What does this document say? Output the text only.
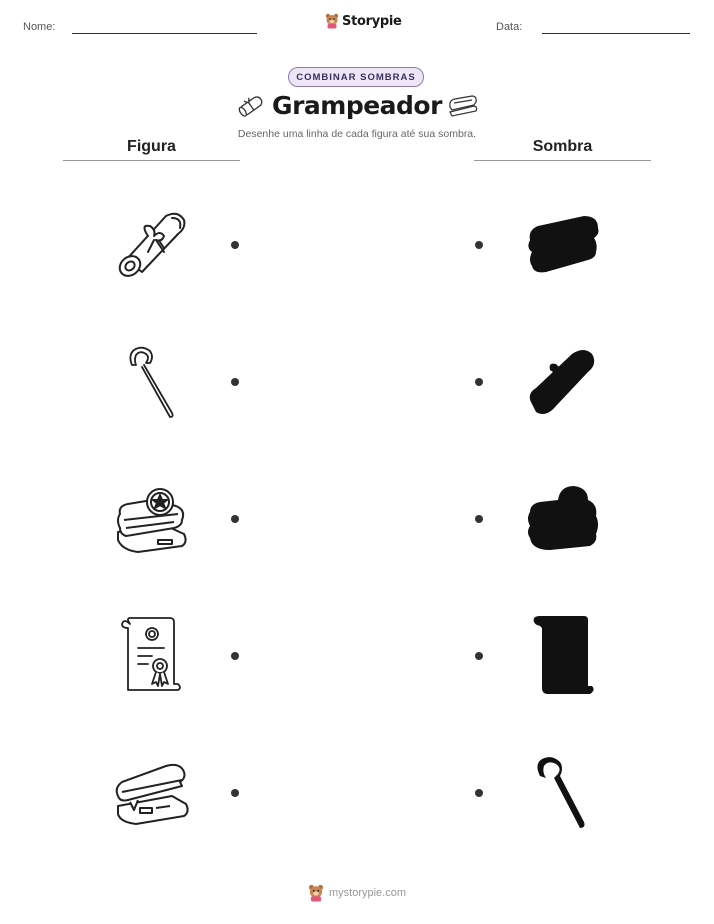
Nome:	Storypie	Data:
COMBINAR SOMBRAS
Grampeador
Desenhe uma linha de cada figura até sua sombra.
Figura	Sombra
mystorypie.com
